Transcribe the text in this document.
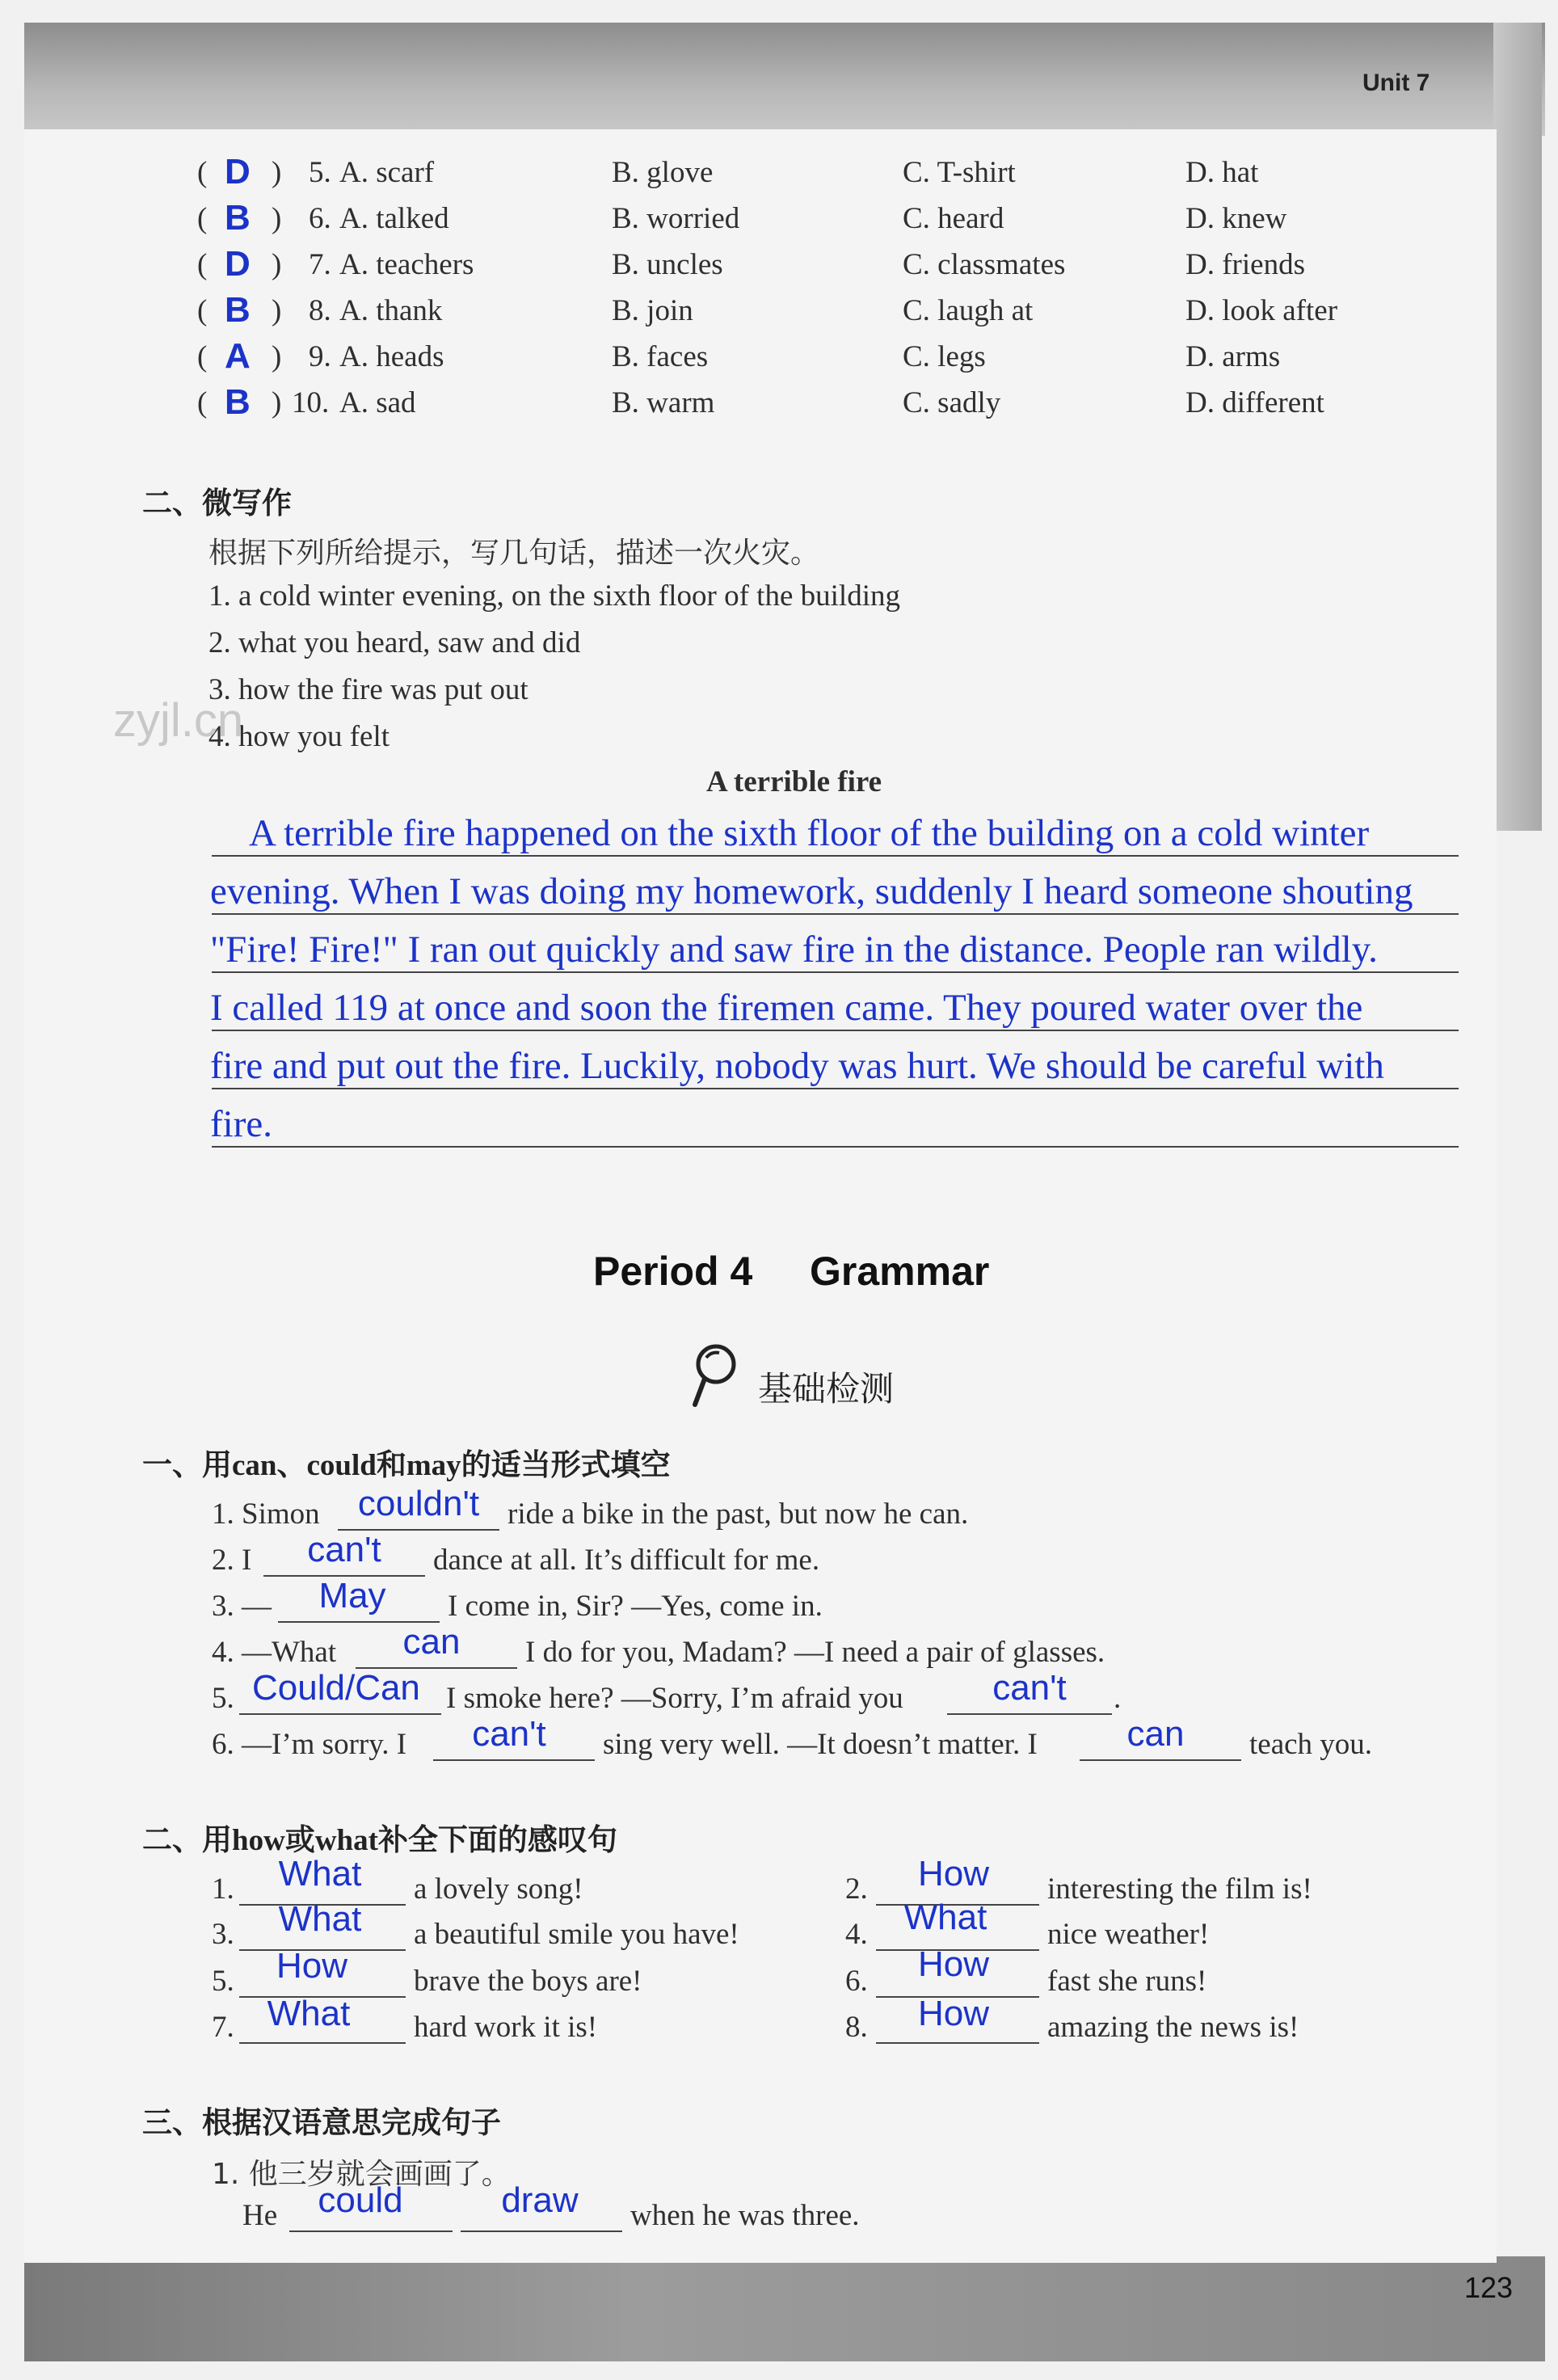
Unit 7
( D ) 5. A. scarf	B. glove	C. T-shirt	D. hat
( B ) 6. A. talked	B. worried	C. heard	D. knew
( D ) 7. A. teachers	B. uncles	C. classmates	D. friends
( B ) 8. A. thank	B. join	C. laugh at	D. look after
( A ) 9. A. heads	B. faces	C. legs	D. arms
( B ) 10. A. sad	B. warm	C. sadly	D. different
二、微写作
根据下列所给提示，写几句话，描述一次火灾。
1. a cold winter evening, on the sixth floor of the building
2. what you heard, saw and did
3. how the fire was put out
4. how you felt
zyjl.cn
A terrible fire
A terrible fire happened on the sixth floor of the building on a cold winter
evening. When I was doing my homework, suddenly I heard someone shouting
"Fire! Fire!" I ran out quickly and saw fire in the distance. People ran wildly.
I called 119 at once and soon the firemen came. They poured water over the
fire and put out the fire. Luckily, nobody was hurt. We should be careful with
fire.
Period 4 Grammar
基础检测
一、用can、could和may的适当形式填空
1. Simon	couldn't ride a bike in the past, but now he can.
2. I	can't	dance at all. It’s difficult for me.
3. —	May	I come in, Sir? —Yes, come in.
4. —What	can	I do for you, Madam? —I need a pair of glasses.
5. Could/Can I smoke here? —Sorry, I’m afraid you	can't	.
6. —I’m sorry. I	can't	sing very well. —It doesn’t matter. I	can	teach you.
二、用how或what补全下面的感叹句
1.	What	a lovely song!	2.	How	interesting the film is!
3.	What	a beautiful smile you have!	4.	What	nice weather!
5.	How	brave the boys are!	6.	How	fast she runs!
7. What	hard work it is!	8.	How	amazing the news is!
三、根据汉语意思完成句子
1. 他三岁就会画画了。
He	could	draw	when he was three.
123
